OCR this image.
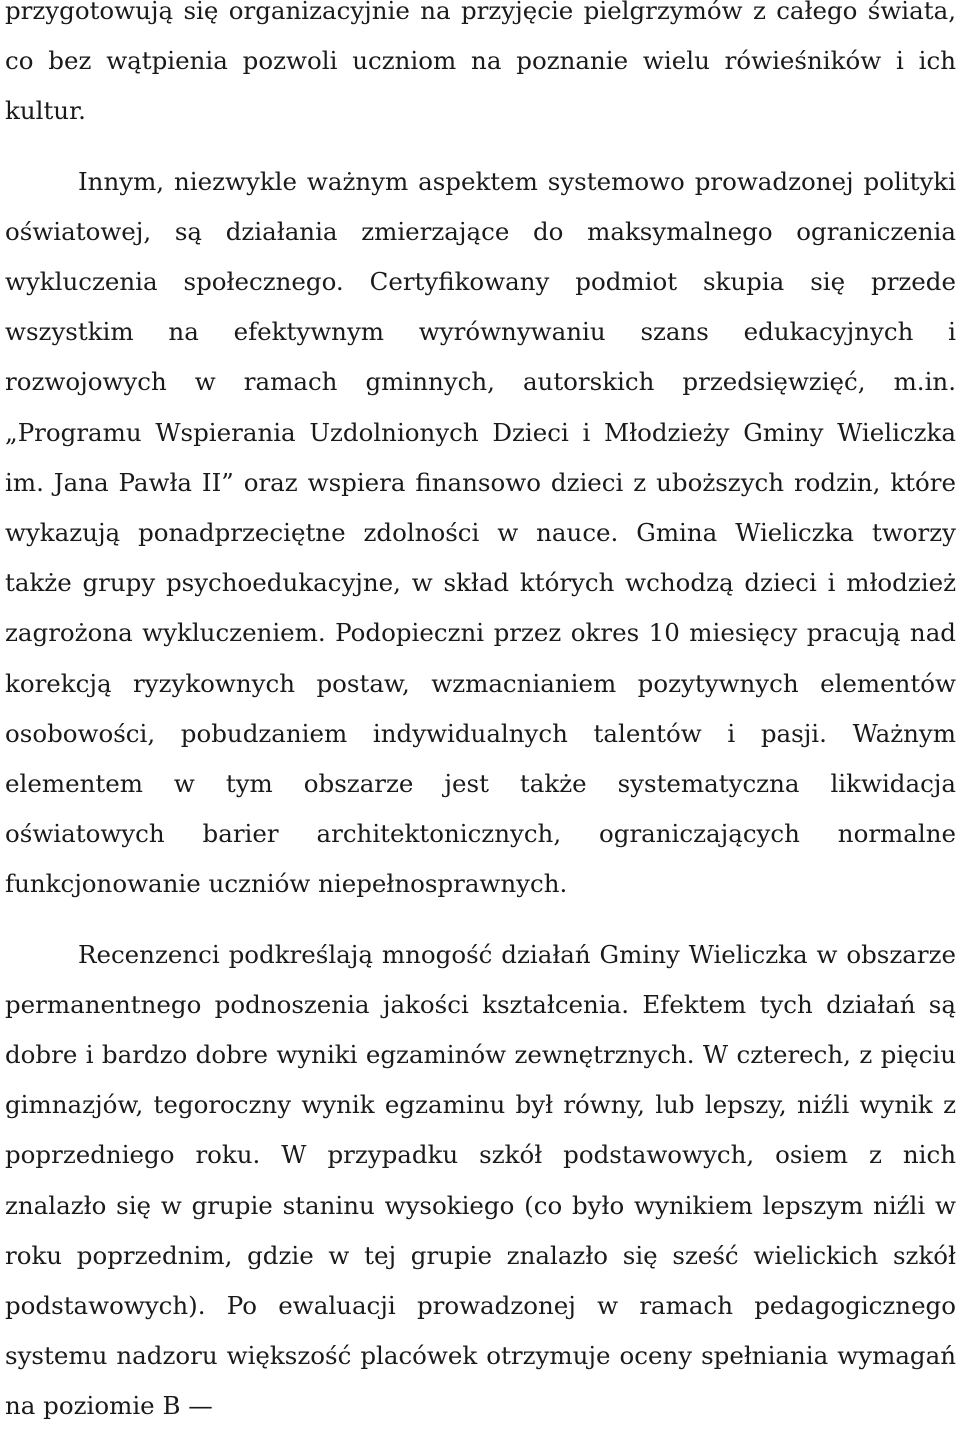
przygotowują się organizacyjnie na przyjęcie pielgrzymów z całego świata, co bez wątpienia pozwoli uczniom na poznanie wielu rówieśników i ich kultur.

Innym, niezwykle ważnym aspektem systemowo prowadzonej polityki oświatowej, są działania zmierzające do maksymalnego ograniczenia wykluczenia społecznego. Certyfikowany podmiot skupia się przede wszystkim na efektywnym wyrównywaniu szans edukacyjnych i rozwojowych w ramach gminnych, autorskich przedsięwzięć, m.in. „Programu Wspierania Uzdolnionych Dzieci i Młodzieży Gminy Wieliczka im. Jana Pawła II” oraz wspiera finansowo dzieci z uboższych rodzin, które wykazują ponadprzeciętne zdolności w nauce. Gmina Wieliczka tworzy także grupy psychoedukacyjne, w skład których wchodzą dzieci i młodzież zagrożona wykluczeniem. Podopieczni przez okres 10 miesięcy pracują nad korekcją ryzykownych postaw, wzmacnianiem pozytywnych elementów osobowości, pobudzaniem indywidualnych talentów i pasji. Ważnym elementem w tym obszarze jest także systematyczna likwidacja oświatowych barier architektonicznych, ograniczających normalne funkcjonowanie uczniów niepełnosprawnych.

Recenzenci podkreślają mnogość działań Gminy Wieliczka w obszarze permanentnego podnoszenia jakości kształcenia. Efektem tych działań są dobre i bardzo dobre wyniki egzaminów zewnętrznych. W czterech, z pięciu gimnazjów, tegoroczny wynik egzaminu był równy, lub lepszy, niźli wynik z poprzedniego roku. W przypadku szkół podstawowych, osiem z nich znalazło się w grupie staninu wysokiego (co było wynikiem lepszym niźli w roku poprzednim, gdzie w tej grupie znalazło się sześć wielickich szkół podstawowych). Po ewaluacji prowadzonej w ramach pedagogicznego systemu nadzoru większość placówek otrzymuje oceny spełniania wymagań na poziomie B —
